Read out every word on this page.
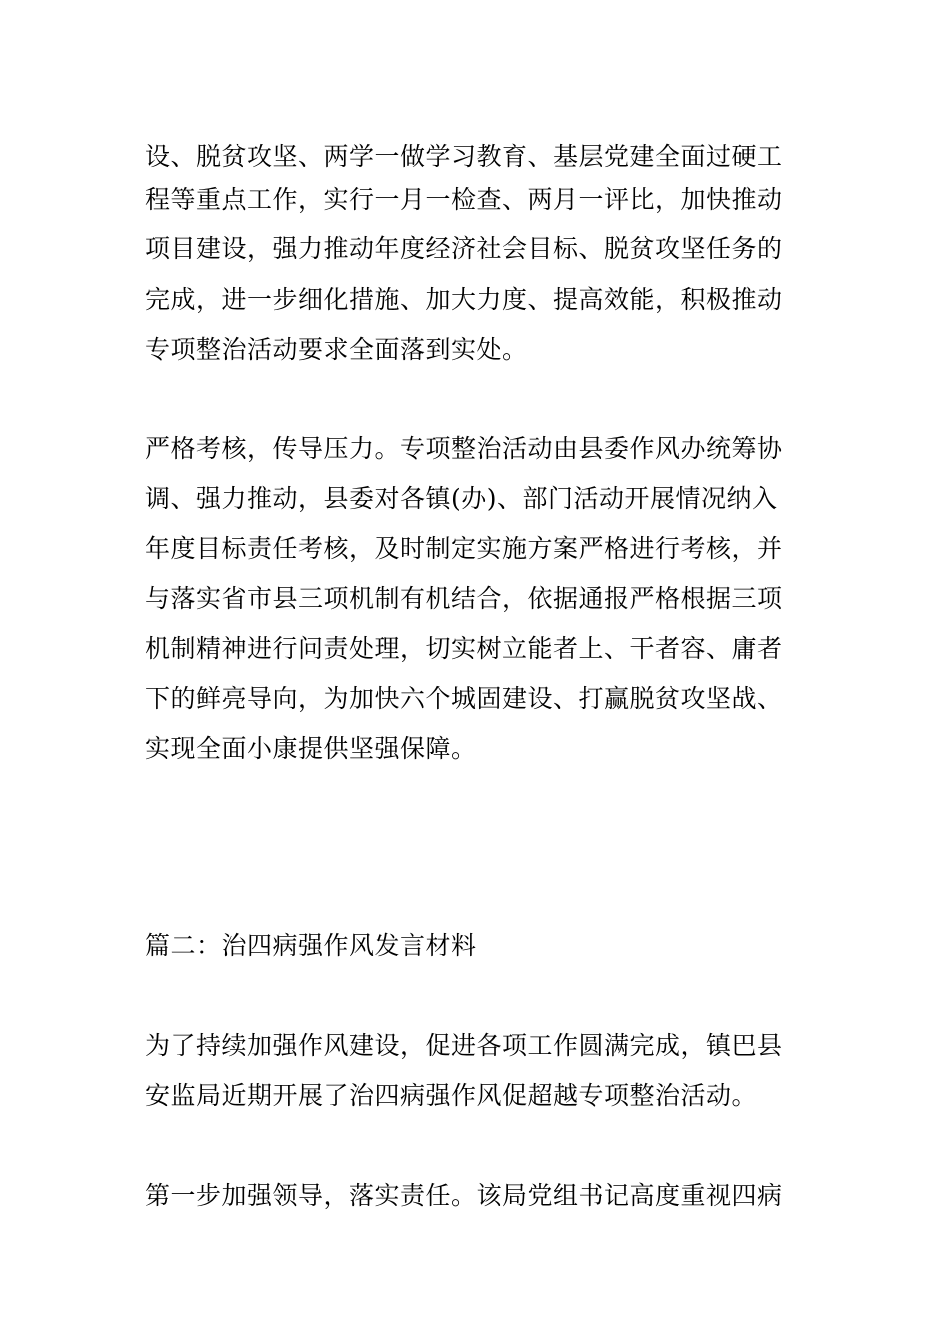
设、脱贫攻坚、两学一做学习教育、基层党建全面过硬工

程等重点工作，实行一月一检查、两月一评比，加快推动

项目建设，强力推动年度经济社会目标、脱贫攻坚任务的

完成，进一步细化措施、加大力度、提高效能，积极推动

专项整治活动要求全面落到实处。

严格考核，传导压力。专项整治活动由县委作风办统筹协

调、强力推动，县委对各镇(办)、部门活动开展情况纳入

年度目标责任考核，及时制定实施方案严格进行考核，并

与落实省市县三项机制有机结合，依据通报严格根据三项

机制精神进行问责处理，切实树立能者上、干者容、庸者

下的鲜亮导向，为加快六个城固建设、打赢脱贫攻坚战、

实现全面小康提供坚强保障。

篇二：治四病强作风发言材料

为了持续加强作风建设，促进各项工作圆满完成，镇巴县

安监局近期开展了治四病强作风促超越专项整治活动。

第一步加强领导，落实责任。该局党组书记高度重视四病
